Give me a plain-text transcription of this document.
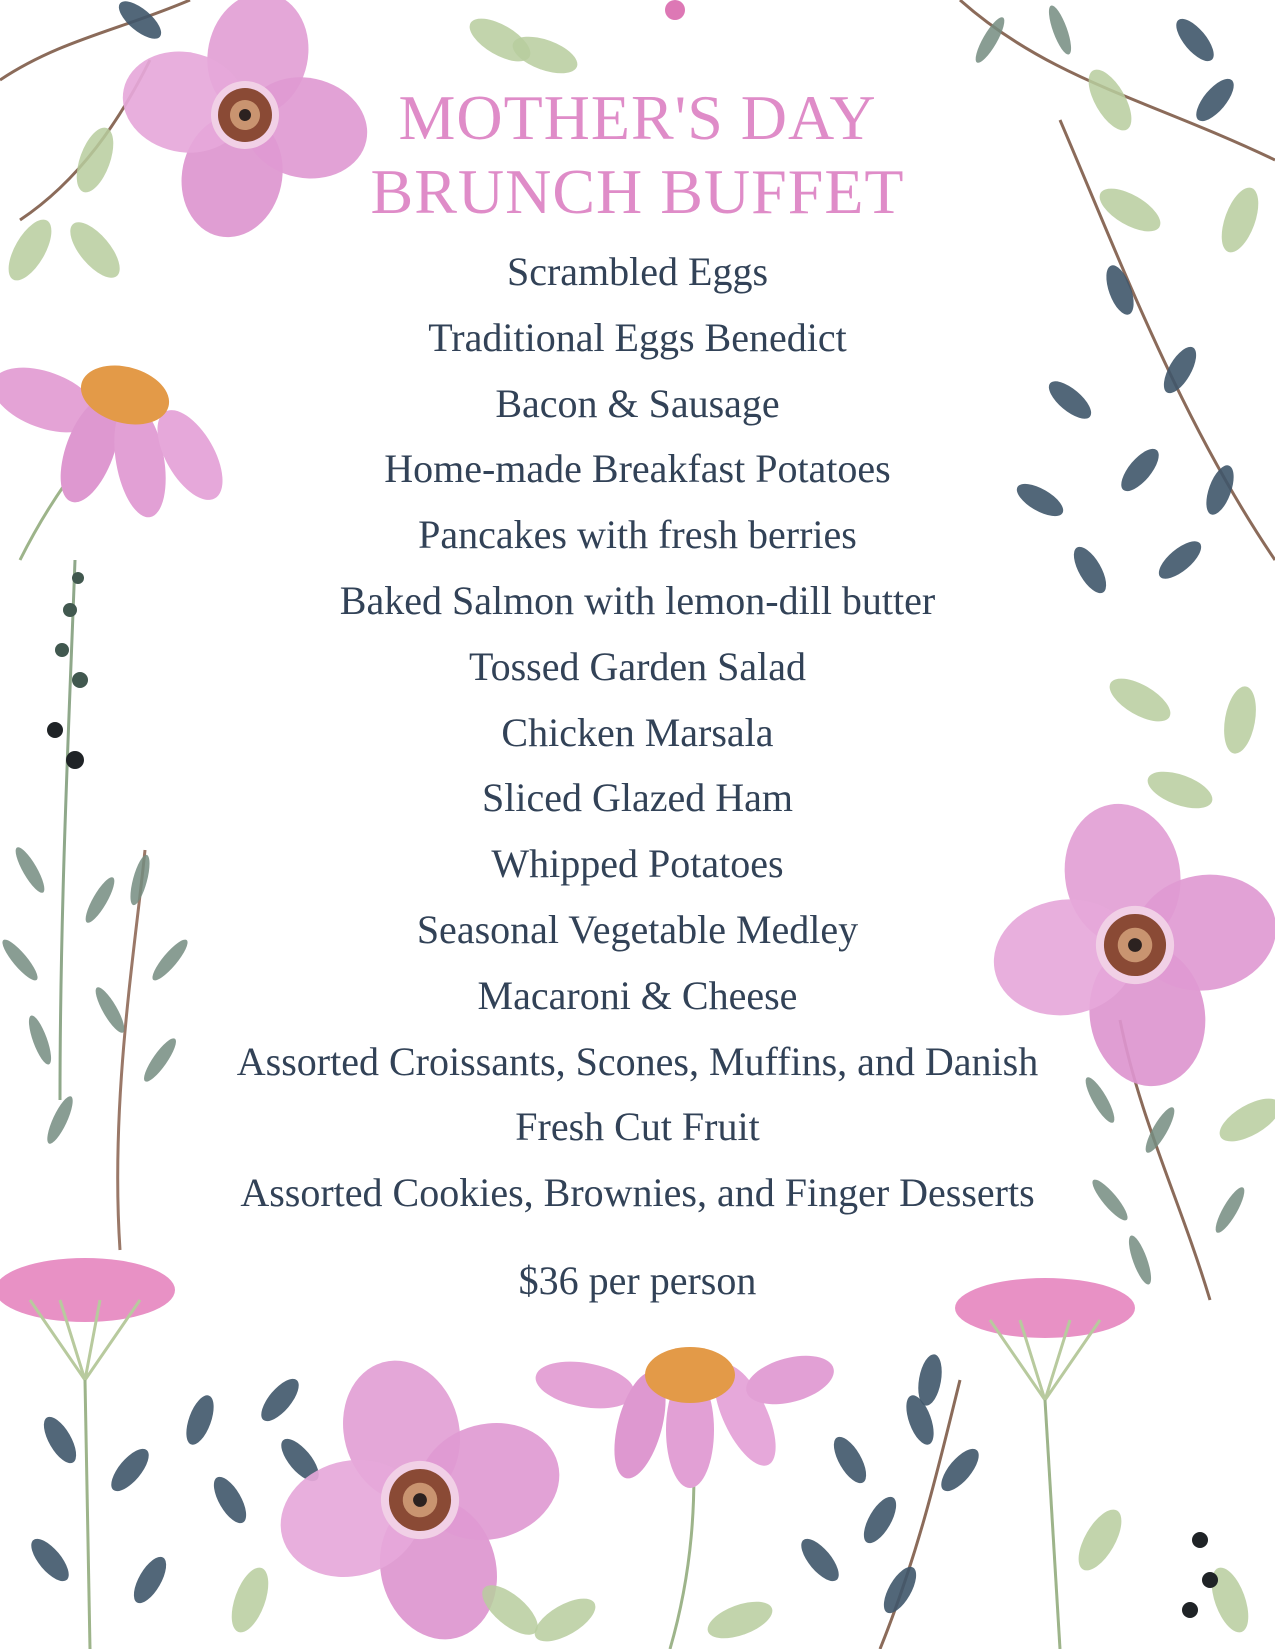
MOTHER'S DAY
BRUNCH BUFFET
Scrambled Eggs
Traditional Eggs Benedict
Bacon & Sausage
Home-made Breakfast Potatoes
Pancakes with fresh berries
Baked Salmon with lemon-dill butter
Tossed Garden Salad
Chicken Marsala
Sliced Glazed Ham
Whipped Potatoes
Seasonal Vegetable Medley
Macaroni & Cheese
Assorted Croissants, Scones, Muffins, and Danish
Fresh Cut Fruit
Assorted Cookies, Brownies, and Finger Desserts
$36 per person
